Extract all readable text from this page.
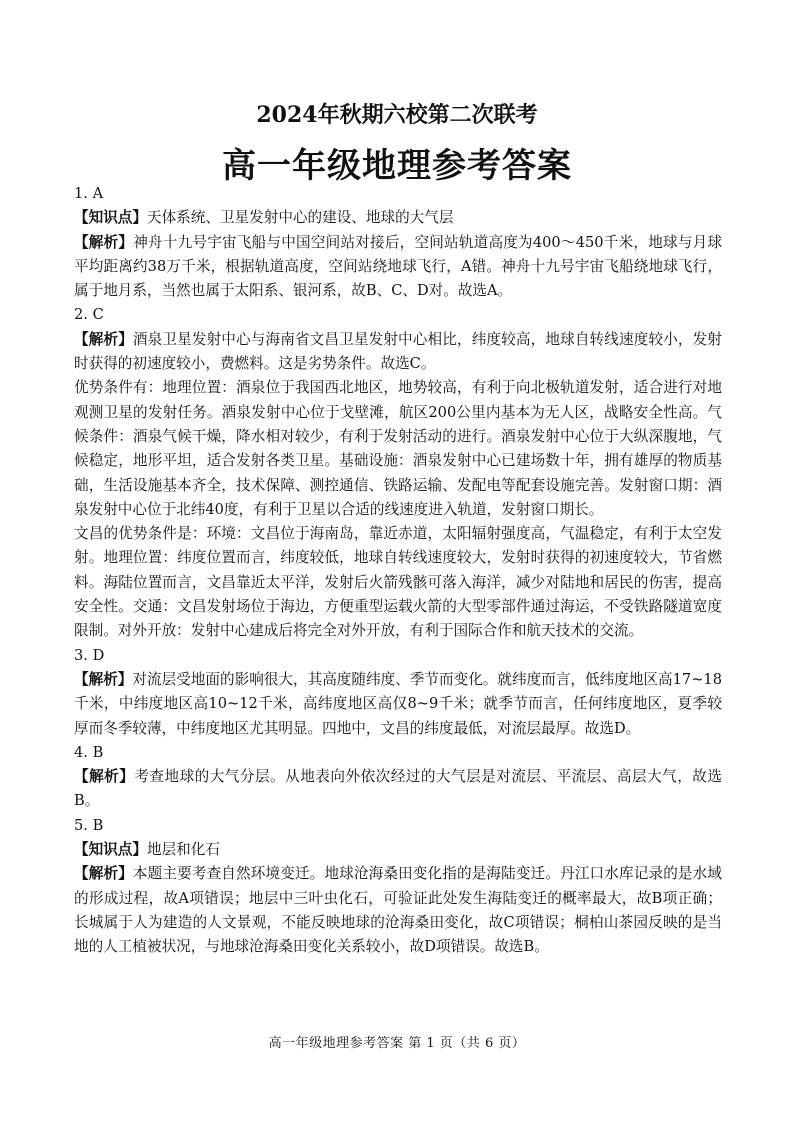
2024年秋期六校第二次联考
高一年级地理参考答案
1. A
【知识点】天体系统、卫星发射中心的建设、地球的大气层
【解析】神舟十九号宇宙飞船与中国空间站对接后，空间站轨道高度为400～450千米，地球与月球平均距离约38万千米，根据轨道高度，空间站绕地球飞行，A错。神舟十九号宇宙飞船绕地球飞行，属于地月系，当然也属于太阳系、银河系，故B、C、D对。故选A。
2. C
【解析】酒泉卫星发射中心与海南省文昌卫星发射中心相比，纬度较高，地球自转线速度较小，发射时获得的初速度较小，费燃料。这是劣势条件。故选C。
优势条件有：地理位置：酒泉位于我国西北地区，地势较高，有利于向北极轨道发射，适合进行对地观测卫星的发射任务。酒泉发射中心位于戈壁滩，航区200公里内基本为无人区，战略安全性高。气候条件：酒泉气候干燥，降水相对较少，有利于发射活动的进行。酒泉发射中心位于大纵深腹地，气候稳定，地形平坦，适合发射各类卫星。基础设施：酒泉发射中心已建场数十年，拥有雄厚的物质基础，生活设施基本齐全，技术保障、测控通信、铁路运输、发配电等配套设施完善。发射窗口期：酒泉发射中心位于北纬40度，有利于卫星以合适的线速度进入轨道，发射窗口期长。
文昌的优势条件是：环境：文昌位于海南岛，靠近赤道，太阳辐射强度高，气温稳定，有利于太空发射。地理位置：纬度位置而言，纬度较低，地球自转线速度较大，发射时获得的初速度较大，节省燃料。海陆位置而言，文昌靠近太平洋，发射后火箭残骸可落入海洋，减少对陆地和居民的伤害，提高安全性。交通：文昌发射场位于海边，方便重型运载火箭的大型零部件通过海运，不受铁路隧道宽度限制。对外开放：发射中心建成后将完全对外开放，有利于国际合作和航天技术的交流。
3. D
【解析】对流层受地面的影响很大，其高度随纬度、季节而变化。就纬度而言，低纬度地区高17~18千米，中纬度地区高10~12千米，高纬度地区高仅8~9千米；就季节而言，任何纬度地区，夏季较厚而冬季较薄，中纬度地区尤其明显。四地中，文昌的纬度最低，对流层最厚。故选D。
4. B
【解析】考查地球的大气分层。从地表向外依次经过的大气层是对流层、平流层、高层大气，故选B。
5. B
【知识点】地层和化石
【解析】本题主要考查自然环境变迁。地球沧海桑田变化指的是海陆变迁。丹江口水库记录的是水域的形成过程，故A项错误；地层中三叶虫化石，可验证此处发生海陆变迁的概率最大，故B项正确；长城属于人为建造的人文景观，不能反映地球的沧海桑田变化，故C项错误；桐柏山茶园反映的是当地的人工植被状况，与地球沧海桑田变化关系较小，故D项错误。故选B。
高一年级地理参考答案 第 1 页（共 6 页）
